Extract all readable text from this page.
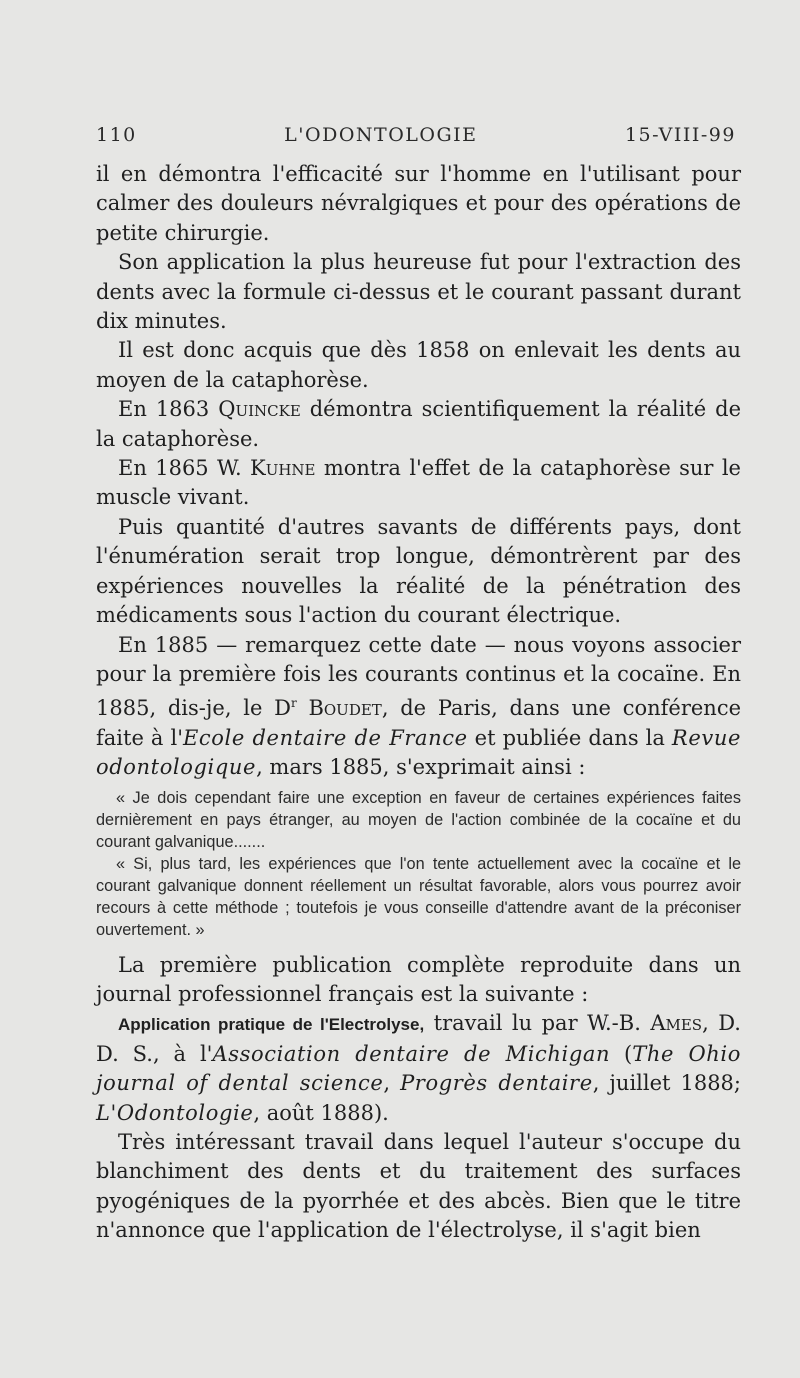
110	L'ODONTOLOGIE	15-VIII-99

il en démontra l'efficacité sur l'homme en l'utilisant pour calmer des douleurs névralgiques et pour des opérations de petite chirurgie.

Son application la plus heureuse fut pour l'extraction des dents avec la formule ci-dessus et le courant passant durant dix minutes.

Il est donc acquis que dès 1858 on enlevait les dents au moyen de la cataphorèse.

En 1863 Quincke démontra scientifiquement la réalité de la cataphorèse.

En 1865 W. Kuhne montra l'effet de la cataphorèse sur le muscle vivant.

Puis quantité d'autres savants de différents pays, dont l'énumération serait trop longue, démontrèrent par des expériences nouvelles la réalité de la pénétration des médicaments sous l'action du courant électrique.

En 1885 — remarquez cette date — nous voyons associer pour la première fois les courants continus et la cocaïne. En 1885, dis-je, le $D^r$ Boudet, de Paris, dans une conférence faite à l'Ecole dentaire de France et publiée dans la Revue odontologique, mars 1885, s'exprimait ainsi :

« Je dois cependant faire une exception en faveur de certaines expériences faites dernièrement en pays étranger, au moyen de l'action combinée de la cocaïne et du courant galvanique.......

« Si, plus tard, les expériences que l'on tente actuellement avec la cocaïne et le courant galvanique donnent réellement un résultat favorable, alors vous pourrez avoir recours à cette méthode ; toutefois je vous conseille d'attendre avant de la préconiser ouvertement. »

La première publication complète reproduite dans un journal professionnel français est la suivante :

Application pratique de l'Electrolyse, travail lu par W.-B. Ames, D. D. S., à l'Association dentaire de Michigan (The Ohio journal of dental science, Progrès dentaire, juillet 1888; L'Odontologie, août 1888).

Très intéressant travail dans lequel l'auteur s'occupe du blanchiment des dents et du traitement des surfaces pyogéniques de la pyorrhée et des abcès. Bien que le titre n'annonce que l'application de l'électrolyse, il s'agit bien
